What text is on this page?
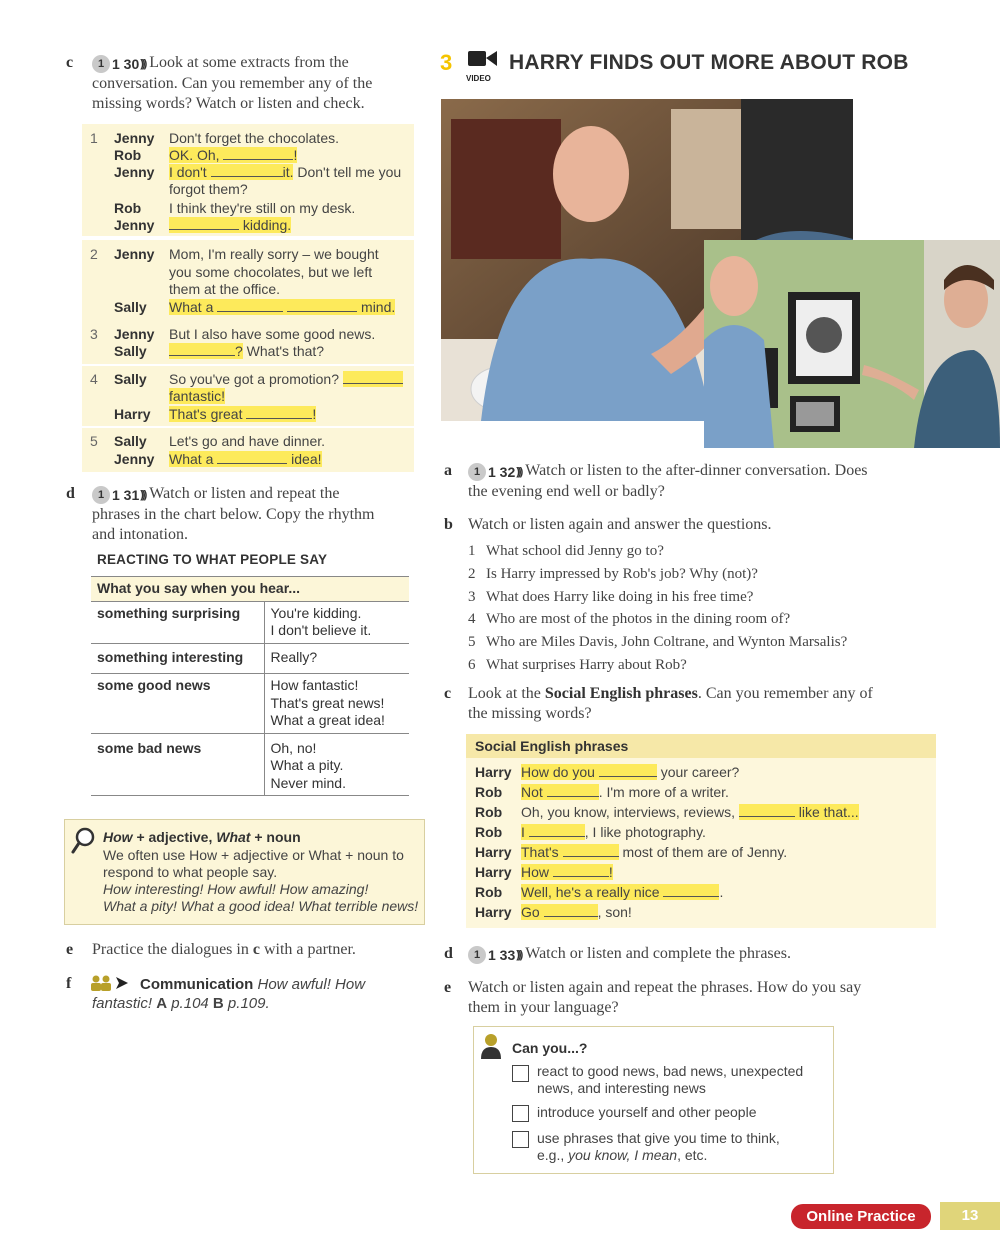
c	1 1 30 ))) Look at some extracts from the
conversation. Can you remember any of the
missing words? Watch or listen and check.
1 Jenny Don't forget the chocolates.
Rob OK. Oh,	!
Jenny I don't	it. Don't tell me you
forgot them?
Rob I think they're still on my desk.
Jenny	kidding.
2 Jenny Mom, I'm really sorry – we bought
you some chocolates, but we left
them at the office.
Sally What a	mind.
3 Jenny But I also have some good news.
Sally	? What's that?
4 Sally So you've got a promotion?
fantastic!
Harry That's great	!
5 Sally Let's go and have dinner.
Jenny What a	idea!
d	1 1 31 ))) Watch or listen and repeat the
phrases in the chart below. Copy the rhythm
and intonation.
REACTING TO WHAT PEOPLE SAY
What you say when you hear...	
something surprising	You're kidding.
I don't believe it.

something interesting	Really?

some good news	How fantastic!
That's great news!
What a great idea!

some bad news	Oh, no!
What a pity.
Never mind.
How + adjective, What + noun
We often use How + adjective or What + noun to
respond to what people say.
How interesting! How awful! How amazing!
What a pity! What a good idea! What terrible news!
e Practice the dialogues in c with a partner.
f	Communication How awful! How
fantastic! A p.104 B p.109.
3
VIDEO
HARRY FINDS OUT MORE ABOUT ROB
a	1 1 32 ))) Watch or listen to the after-dinner conversation. Does
the evening end well or badly?
b Watch or listen again and answer the questions.
1 What school did Jenny go to?
2 Is Harry impressed by Rob's job? Why (not)?
3 What does Harry like doing in his free time?
4 Who are most of the photos in the dining room of?
5 Who are Miles Davis, John Coltrane, and Wynton Marsalis?
6 What surprises Harry about Rob?
c Look at the Social English phrases. Can you remember any of
the missing words?
Social English phrases
Harry How do you	your career?
Rob Not	. I'm more of a writer.
Rob Oh, you know, interviews, reviews,	like that...
Rob I	, I like photography.
Harry That's	most of them are of Jenny.
Harry How	!
Rob Well, he's a really nice	.
Harry Go	, son!
d	1 1 33 ))) Watch or listen and complete the phrases.
e Watch or listen again and repeat the phrases. How do you say
them in your language?
Can you...?
react to good news, bad news, unexpected
news, and interesting news
introduce yourself and other people
use phrases that give you time to think,
e.g., you know, I mean, etc.
Online Practice	13
